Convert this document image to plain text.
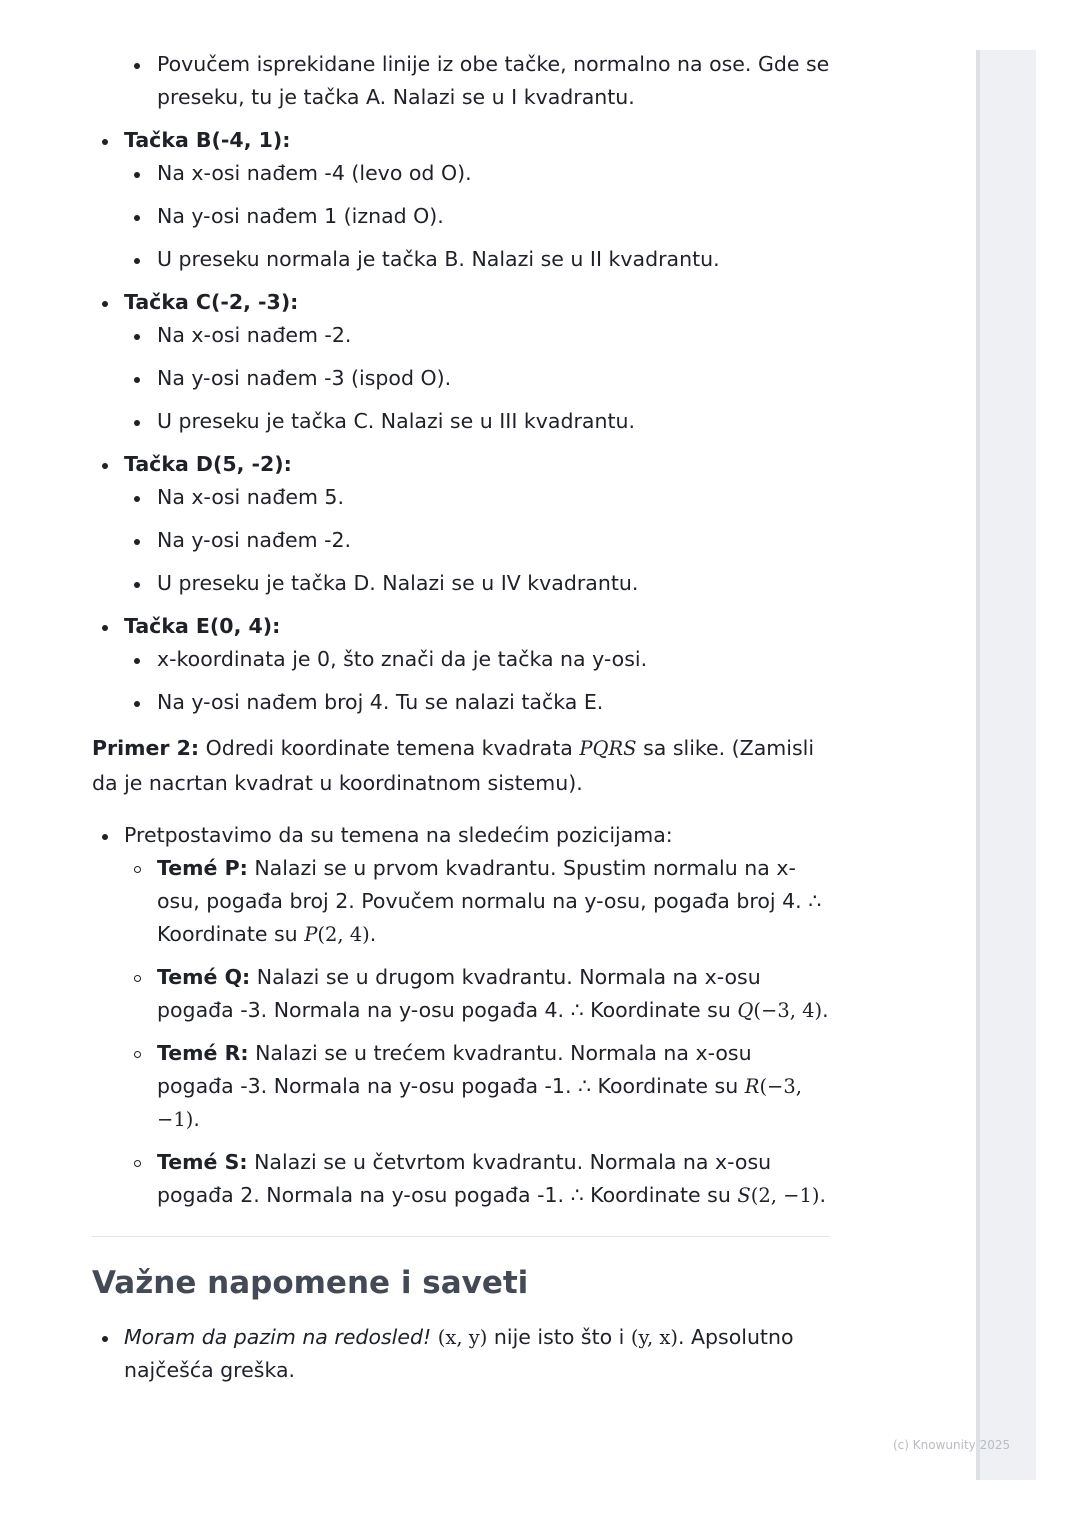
Povučem isprekidane linije iz obe tačke, normalno na ose. Gde se preseku, tu je tačka A. Nalazi se u I kvadrantu.
Tačka B(-4, 1):
Na x-osi nađem -4 (levo od O).
Na y-osi nađem 1 (iznad O).
U preseku normala je tačka B. Nalazi se u II kvadrantu.
Tačka C(-2, -3):
Na x-osi nađem -2.
Na y-osi nađem -3 (ispod O).
U preseku je tačka C. Nalazi se u III kvadrantu.
Tačka D(5, -2):
Na x-osi nađem 5.
Na y-osi nađem -2.
U preseku je tačka D. Nalazi se u IV kvadrantu.
Tačka E(0, 4):
x-koordinata je 0, što znači da je tačka na y-osi.
Na y-osi nađem broj 4. Tu se nalazi tačka E.
Primer 2: Odredi koordinate temena kvadrata PQRS sa slike. (Zamisli da je nacrtan kvadrat u koordinatnom sistemu).
Pretpostavimo da su temena na sledećim pozicijama:
Temé P: Nalazi se u prvom kvadrantu. Spustim normalu na x-osu, pogađa broj 2. Povučem normalu na y-osu, pogađa broj 4. ∴ Koordinate su P(2, 4).
Temé Q: Nalazi se u drugom kvadrantu. Normala na x-osu pogađa -3. Normala na y-osu pogađa 4. ∴ Koordinate su Q(−3, 4).
Temé R: Nalazi se u trećem kvadrantu. Normala na x-osu pogađa -3. Normala na y-osu pogađa -1. ∴ Koordinate su R(−3, −1).
Temé S: Nalazi se u četvrtom kvadrantu. Normala na x-osu pogađa 2. Normala na y-osu pogađa -1. ∴ Koordinate su S(2, −1).
Važne napomene i saveti
Moram da pazim na redosled! (x, y) nije isto što i (y, x). Apsolutno najčešća greška.
(c) Knowunity 2025
